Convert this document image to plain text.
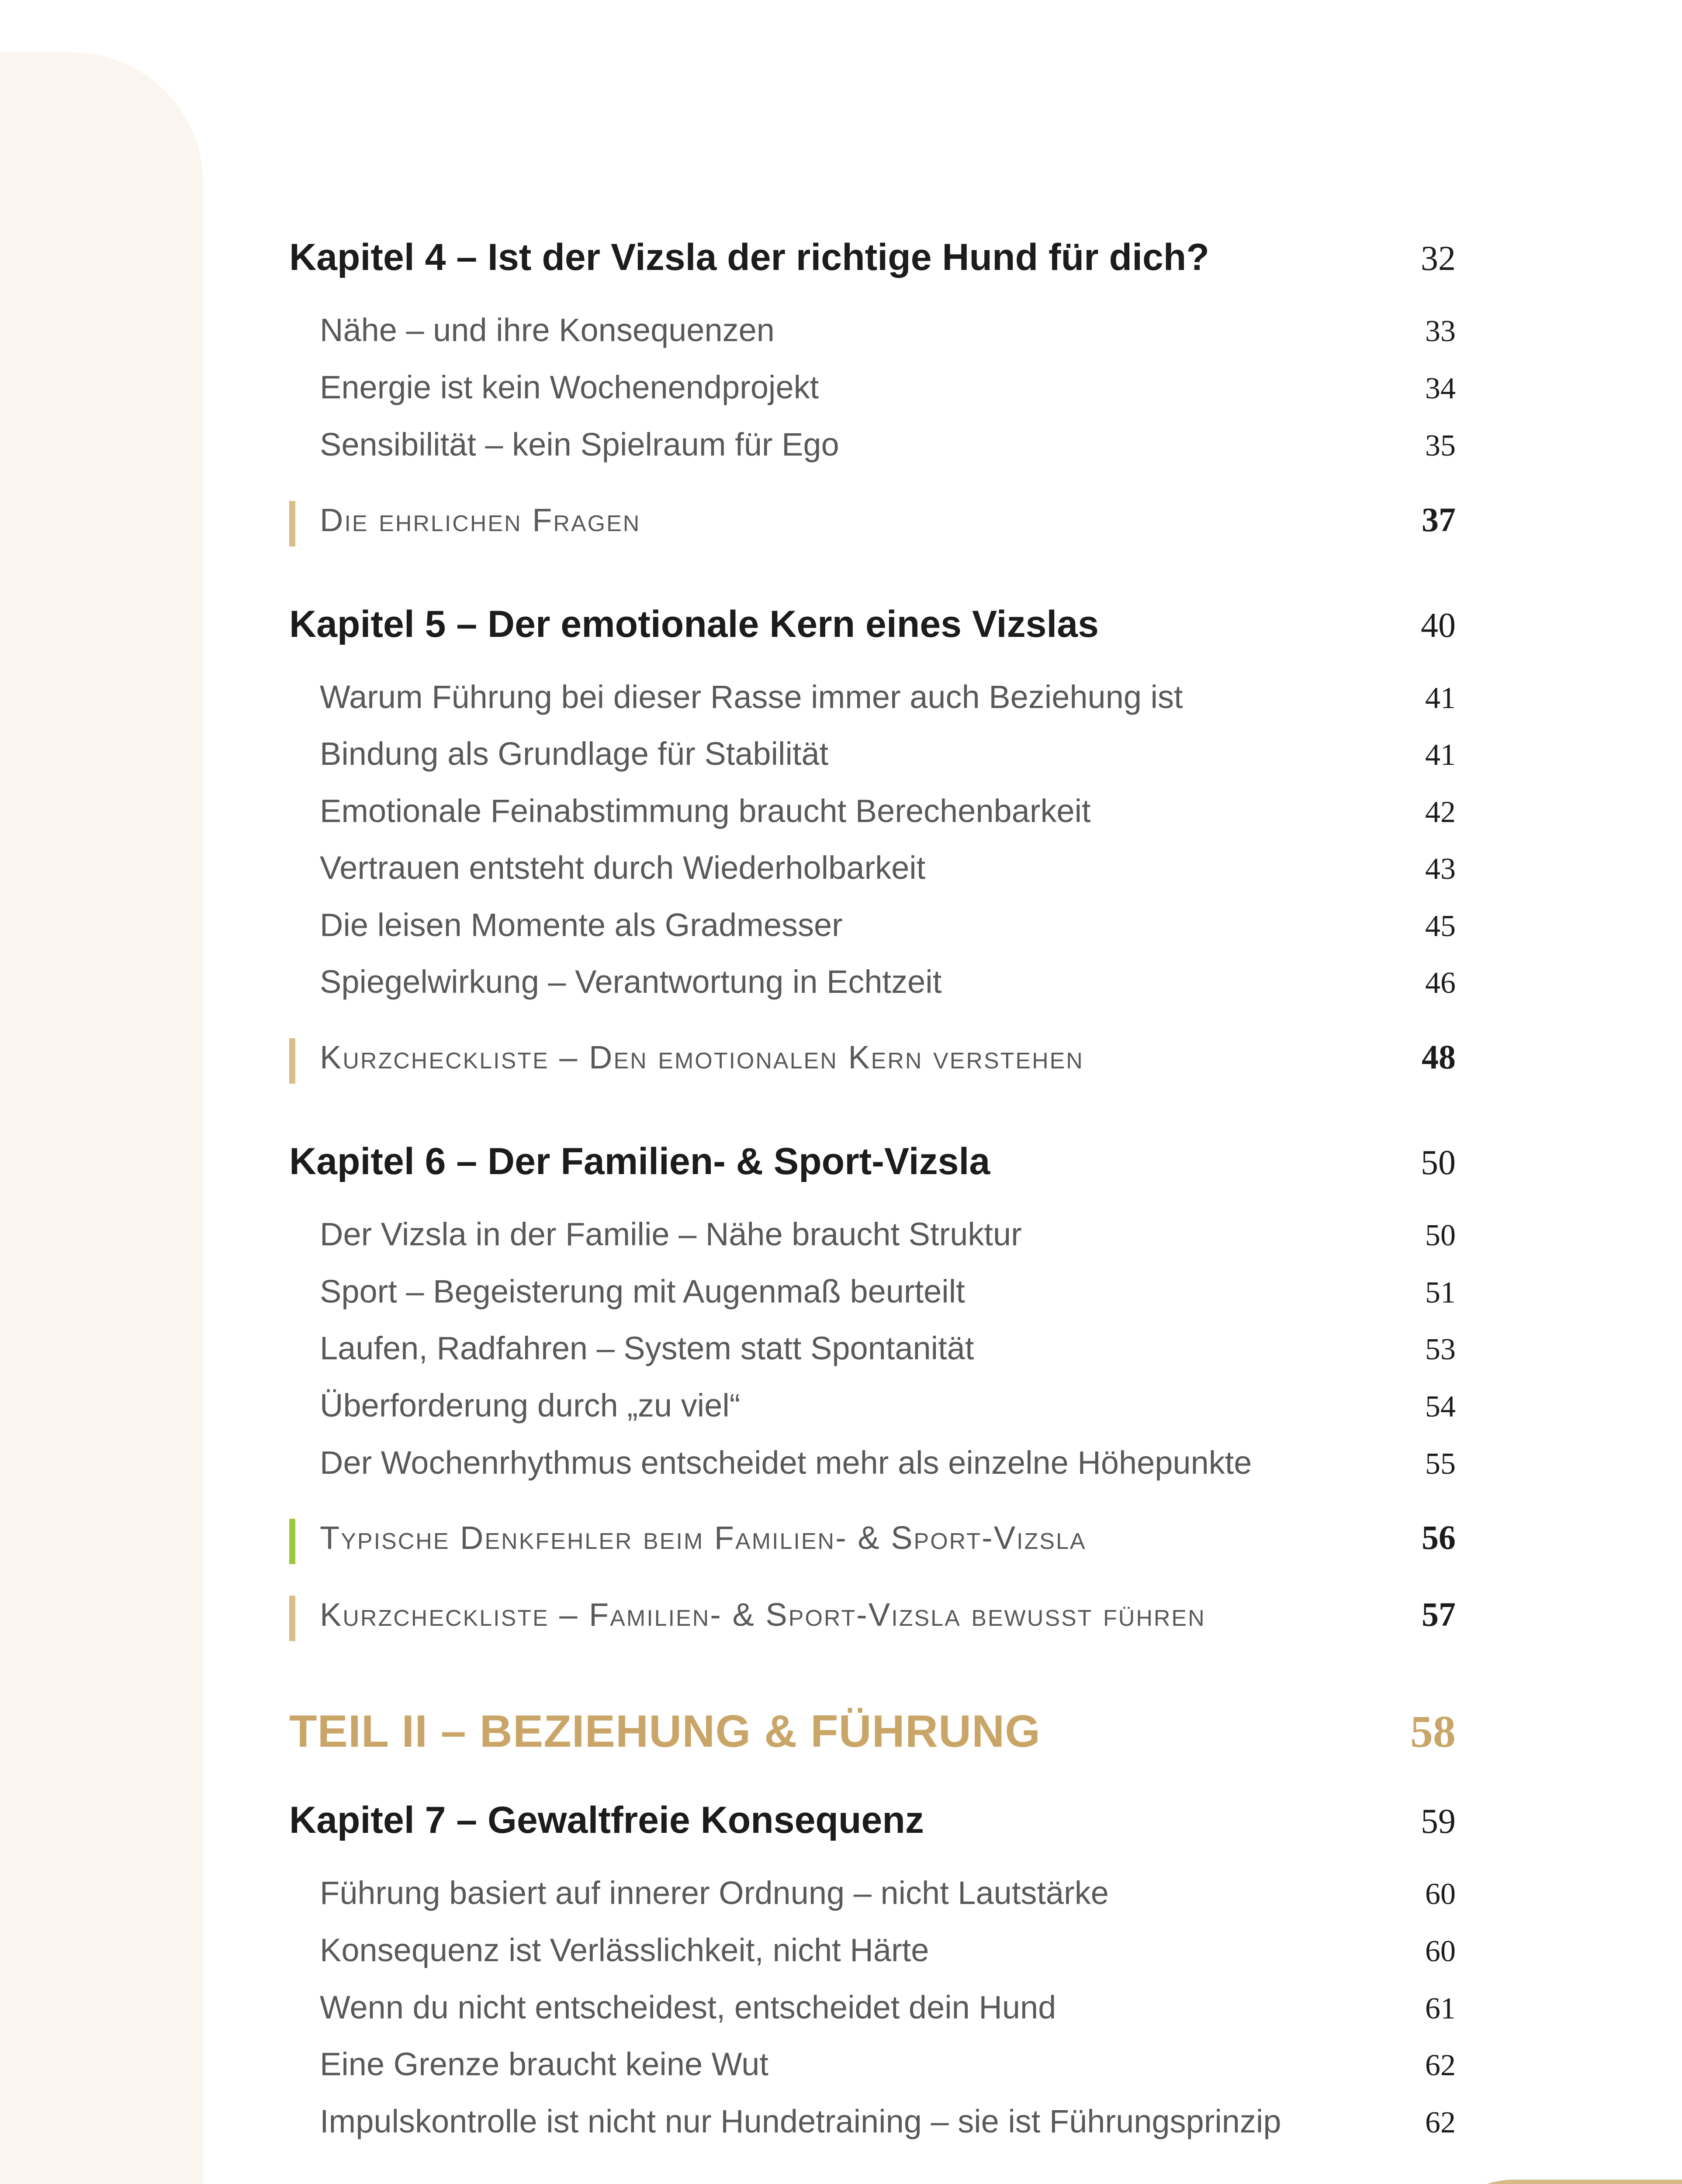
Kapitel 4 – Ist der Vizsla der richtige Hund für dich?	32
Nähe – und ihre Konsequenzen	33
Energie ist kein Wochenendprojekt	34
Sensibilität – kein Spielraum für Ego	35
Die ehrlichen Fragen	37
Kapitel 5 – Der emotionale Kern eines Vizslas	40
Warum Führung bei dieser Rasse immer auch Beziehung ist	41
Bindung als Grundlage für Stabilität	41
Emotionale Feinabstimmung braucht Berechenbarkeit	42
Vertrauen entsteht durch Wiederholbarkeit	43
Die leisen Momente als Gradmesser	45
Spiegelwirkung – Verantwortung in Echtzeit	46
Kurzcheckliste – Den emotionalen Kern verstehen	48
Kapitel 6 – Der Familien- & Sport-Vizsla	50
Der Vizsla in der Familie – Nähe braucht Struktur	50
Sport – Begeisterung mit Augenmaß beurteilt	51
Laufen, Radfahren – System statt Spontanität	53
Überforderung durch „zu viel“	54
Der Wochenrhythmus entscheidet mehr als einzelne Höhepunkte	55
Typische Denkfehler beim Familien- & Sport-Vizsla	56
Kurzcheckliste – Familien- & Sport-Vizsla bewusst führen	57
TEIL II – BEZIEHUNG & FÜHRUNG	58
Kapitel 7 – Gewaltfreie Konsequenz	59
Führung basiert auf innerer Ordnung – nicht Lautstärke	60
Konsequenz ist Verlässlichkeit, nicht Härte	60
Wenn du nicht entscheidest, entscheidet dein Hund	61
Eine Grenze braucht keine Wut	62
Impulskontrolle ist nicht nur Hundetraining – sie ist Führungsprinzip	62
